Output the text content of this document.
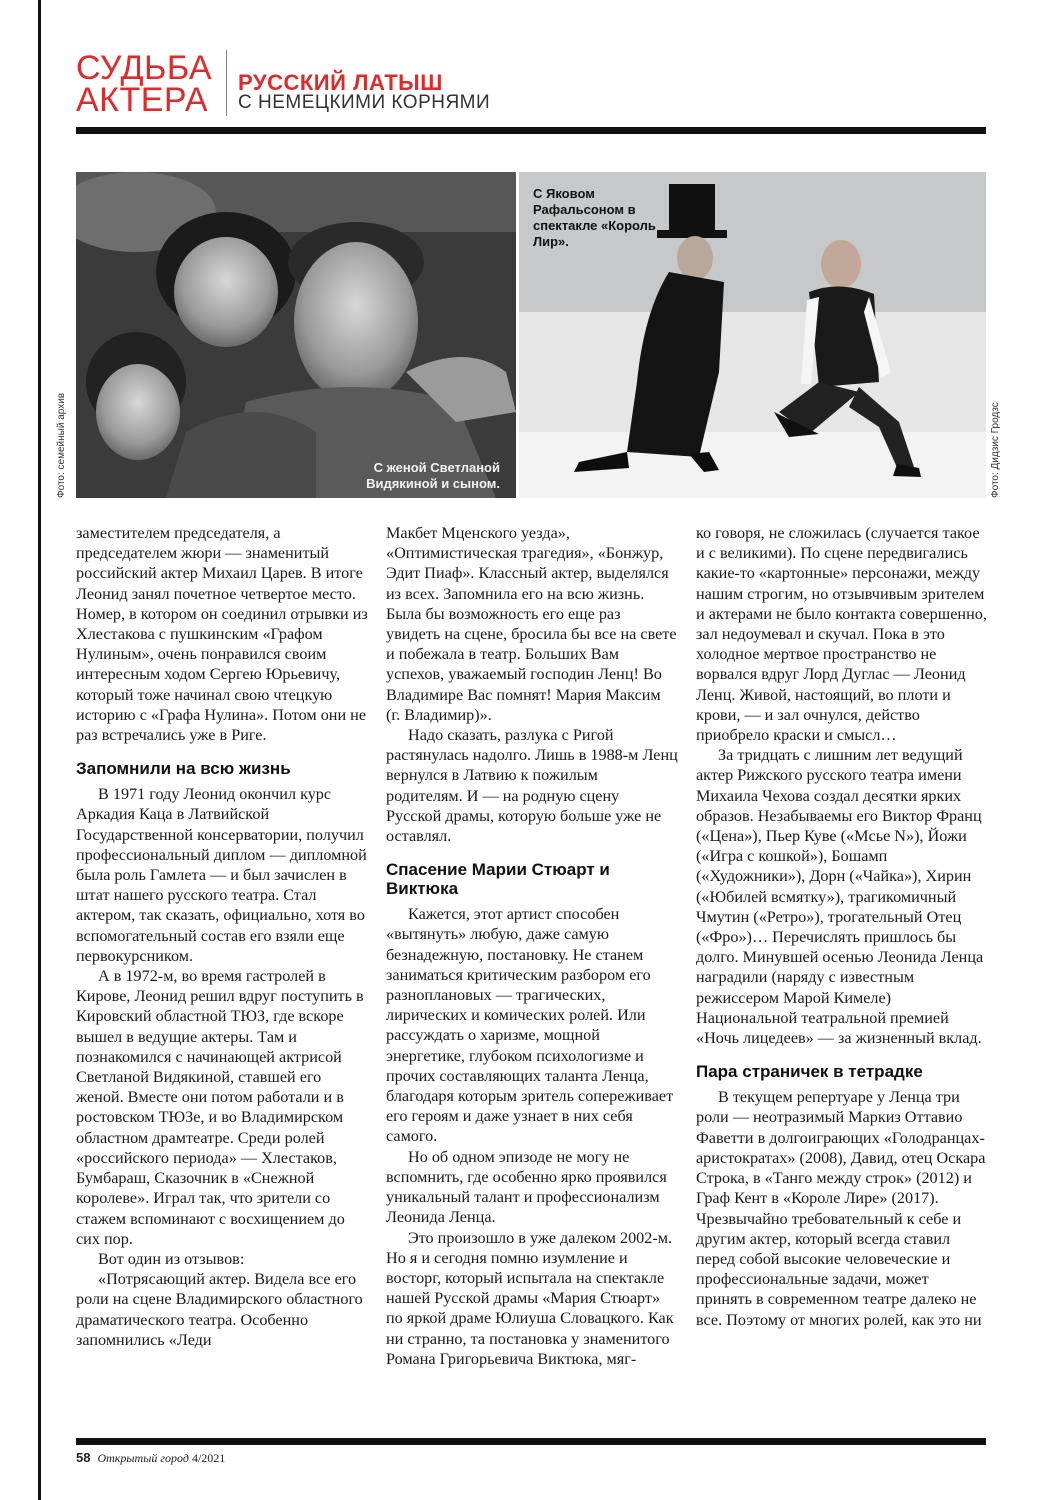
СУДЬБА
АКТЕРА	РУССКИЙ ЛАТЫШ
С НЕМЕЦКИМИ КОРНЯМИ
С женой Светланой Видякиной и сыном.
Фото: семейный архив
С Яковом Рафальсоном в спектакле «Король Лир».
Фото: Дидзис Гродзс

заместителем председателя, а председателем жюри — знаменитый российский актер Михаил Царев. В итоге Леонид занял почетное четвертое место. Номер, в котором он соединил отрывки из Хлестакова с пушкинским «Графом Нулиным», очень понравился своим интересным ходом Сергею Юрьевичу, который тоже начинал свою чтецкую историю с «Графа Нулина». Потом они не раз встречались уже в Риге.

Запомнили на всю жизнь

В 1971 году Леонид окончил курс Аркадия Каца в Латвийской Государственной консерватории, получил профессиональный диплом — дипломной была роль Гамлета — и был зачислен в штат нашего русского театра. Стал актером, так сказать, официально, хотя во вспомогательный состав его взяли еще первокурсником.

А в 1972-м, во время гастролей в Кирове, Леонид решил вдруг поступить в Кировский областной ТЮЗ, где вскоре вышел в ведущие актеры. Там и познакомился с начинающей актрисой Светланой Видякиной, ставшей его женой. Вместе они потом работали и в ростовском ТЮЗе, и во Владимирском областном драмтеатре. Среди ролей «российского периода» — Хлестаков, Бумбараш, Сказочник в «Снежной королеве». Играл так, что зрители со стажем вспоминают с восхищением до сих пор.

Вот один из отзывов:

«Потрясающий актер. Видела все его роли на сцене Владимирского областного драматического театра. Особенно запомнились «Леди

Макбет Мценского уезда», «Оптимистическая трагедия», «Бонжур, Эдит Пиаф». Классный актер, выделялся из всех. Запомнила его на всю жизнь. Была бы возможность его еще раз увидеть на сцене, бросила бы все на свете и побежала в театр. Больших Вам успехов, уважаемый господин Ленц! Во Владимире Вас помнят! Мария Максим (г. Владимир)».

Надо сказать, разлука с Ригой растянулась надолго. Лишь в 1988-м Ленц вернулся в Латвию к пожилым родителям. И — на родную сцену Русской драмы, которую больше уже не оставлял.

Спасение Марии Стюарт и Виктюка

Кажется, этот артист способен «вытянуть» любую, даже самую безнадежную, постановку. Не станем заниматься критическим разбором его разноплановых — трагических, лирических и комических ролей. Или рассуждать о харизме, мощной энергетике, глубоком психологизме и прочих составляющих таланта Ленца, благодаря которым зритель сопереживает его героям и даже узнает в них себя самого.

Но об одном эпизоде не могу не вспомнить, где особенно ярко проявился уникальный талант и профессионализм Леонида Ленца.

Это произошло в уже далеком 2002-м. Но я и сегодня помню изумление и восторг, который испытала на спектакле нашей Русской драмы «Мария Стюарт» по яркой драме Юлиуша Словацкого. Как ни странно, та постановка у знаменитого Романа Григорьевича Виктюка, мяг-

ко говоря, не сложилась (случается такое и с великими). По сцене передвигались какие-то «картонные» персонажи, между нашим строгим, но отзывчивым зрителем и актерами не было контакта совершенно, зал недоумевал и скучал. Пока в это холодное мертвое пространство не ворвался вдруг Лорд Дуглас — Леонид Ленц. Живой, настоящий, во плоти и крови, — и зал очнулся, действо приобрело краски и смысл…

За тридцать с лишним лет ведущий актер Рижского русского театра имени Михаила Чехова создал десятки ярких образов. Незабываемы его Виктор Франц («Цена»), Пьер Куве («Мсье N»), Йожи («Игра с кошкой»), Бошамп («Художники»), Дорн («Чайка»), Хирин («Юбилей всмятку»), трагикомичный Чмутин («Ретро»), трогательный Отец («Фро»)… Перечислять пришлось бы долго. Минувшей осенью Леонида Ленца наградили (наряду с известным режиссером Марой Кимеле) Национальной театральной премией «Ночь лицедеев» — за жизненный вклад.

Пара страничек в тетрадке

В текущем репертуаре у Ленца три роли — неотразимый Маркиз Оттавио Фаветти в долгоиграющих «Голодранцах-аристократах» (2008), Давид, отец Оскара Строка, в «Танго между строк» (2012) и Граф Кент в «Короле Лире» (2017). Чрезвычайно требовательный к себе и другим актер, который всегда ставил перед собой высокие человеческие и профессиональные задачи, может принять в современном театре далеко не все. Поэтому от многих ролей, как это ни

58 Открытый город 4/2021
